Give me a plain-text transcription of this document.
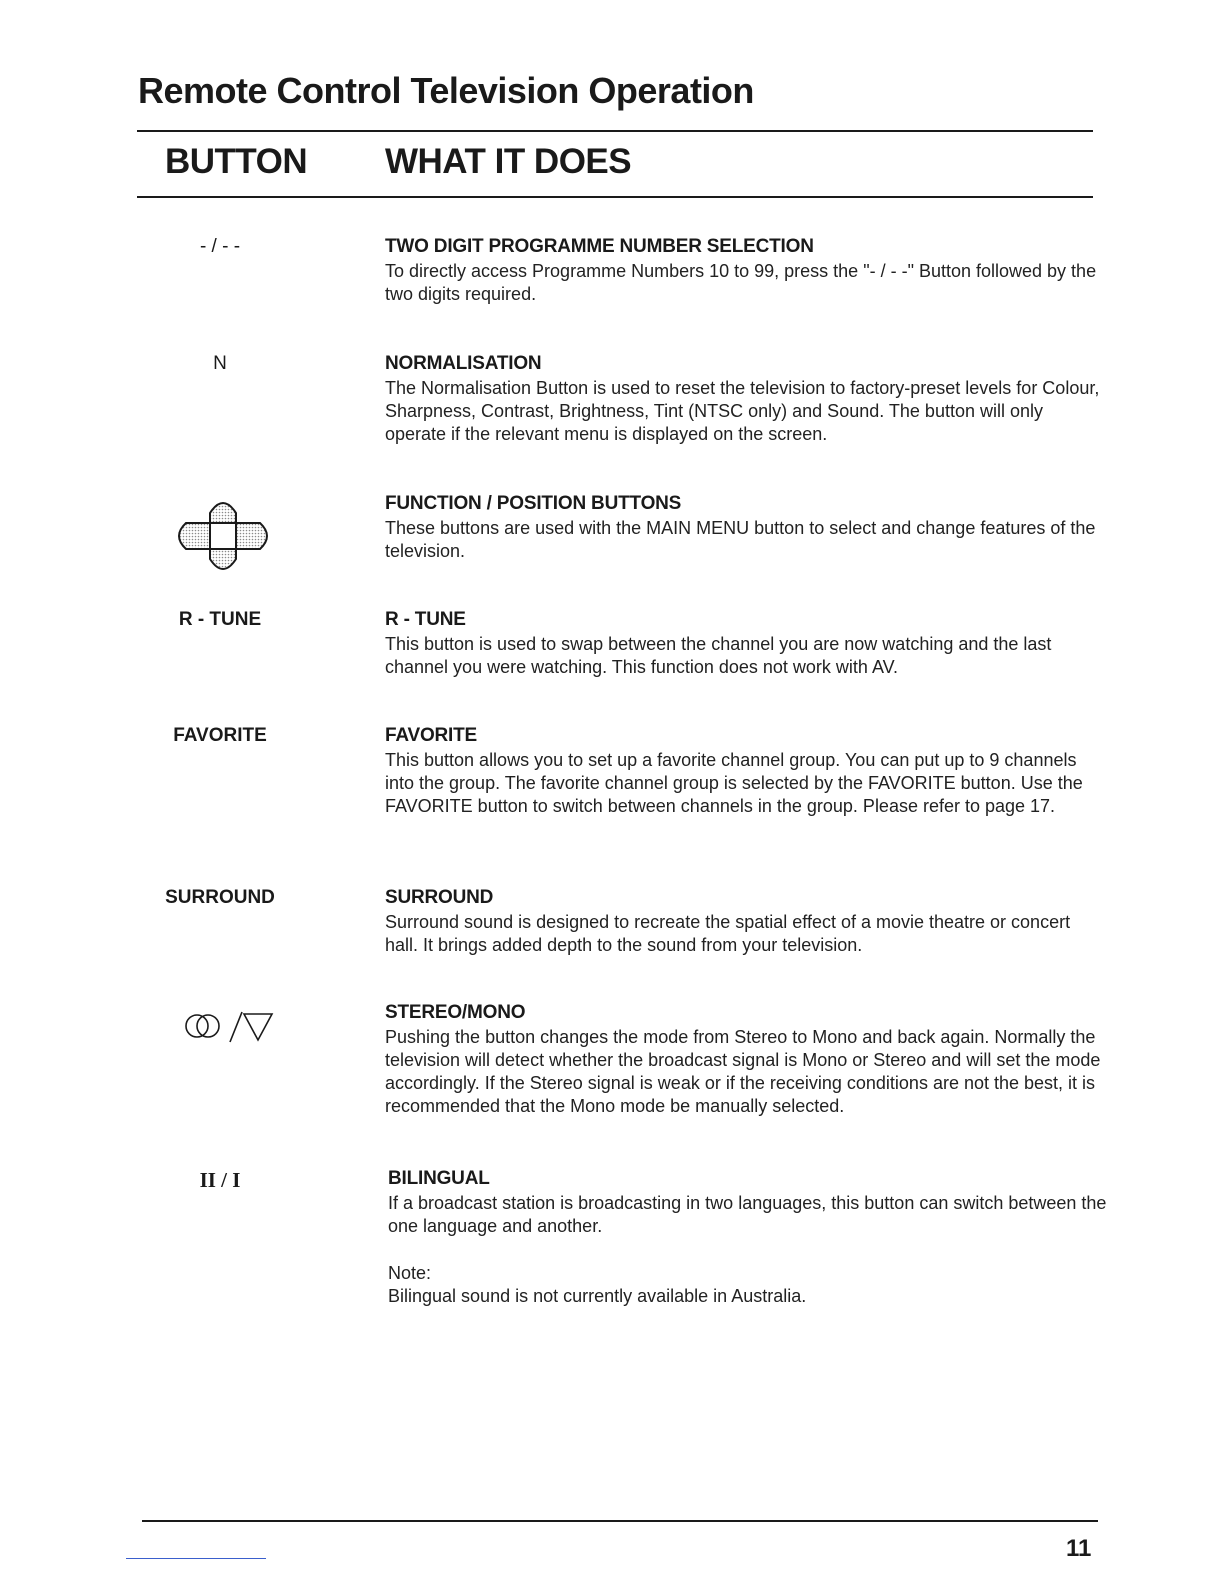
Remote Control Television Operation
BUTTON WHAT IT DOES
- / - -	TWO DIGIT PROGRAMME NUMBER SELECTION

To directly access Programme Numbers 10 to 99, press the "- / - -" Button followed by the two digits required.

N	NORMALISATION

The Normalisation Button is used to reset the television to factory-preset levels for Colour, Sharpness, Contrast, Brightness, Tint (NTSC only) and Sound. The button will only operate if the relevant menu is displayed on the screen.

FUNCTION / POSITION BUTTONS

These buttons are used with the MAIN MENU button to select and change features of the television.

R - TUNE	R - TUNE

This button is used to swap between the channel you are now watching and the last channel you were watching. This function does not work with AV.

FAVORITE	FAVORITE

This button allows you to set up a favorite channel group. You can put up to 9 channels into the group. The favorite channel group is selected by the FAVORITE button. Use the FAVORITE button to switch between channels in the group. Please refer to page 17.

SURROUND	SURROUND

Surround sound is designed to recreate the spatial effect of a movie theatre or concert hall. It brings added depth to the sound from your television.

STEREO/MONO

Pushing the button changes the mode from Stereo to Mono and back again. Normally the television will detect whether the broadcast signal is Mono or Stereo and will set the mode accordingly. If the Stereo signal is weak or if the receiving conditions are not the best, it is recommended that the Mono mode be manually selected.

II / I	BILINGUAL

If a broadcast station is broadcasting in two languages, this button can switch between the one language and another.

Note:

Bilingual sound is not currently available in Australia.

11
